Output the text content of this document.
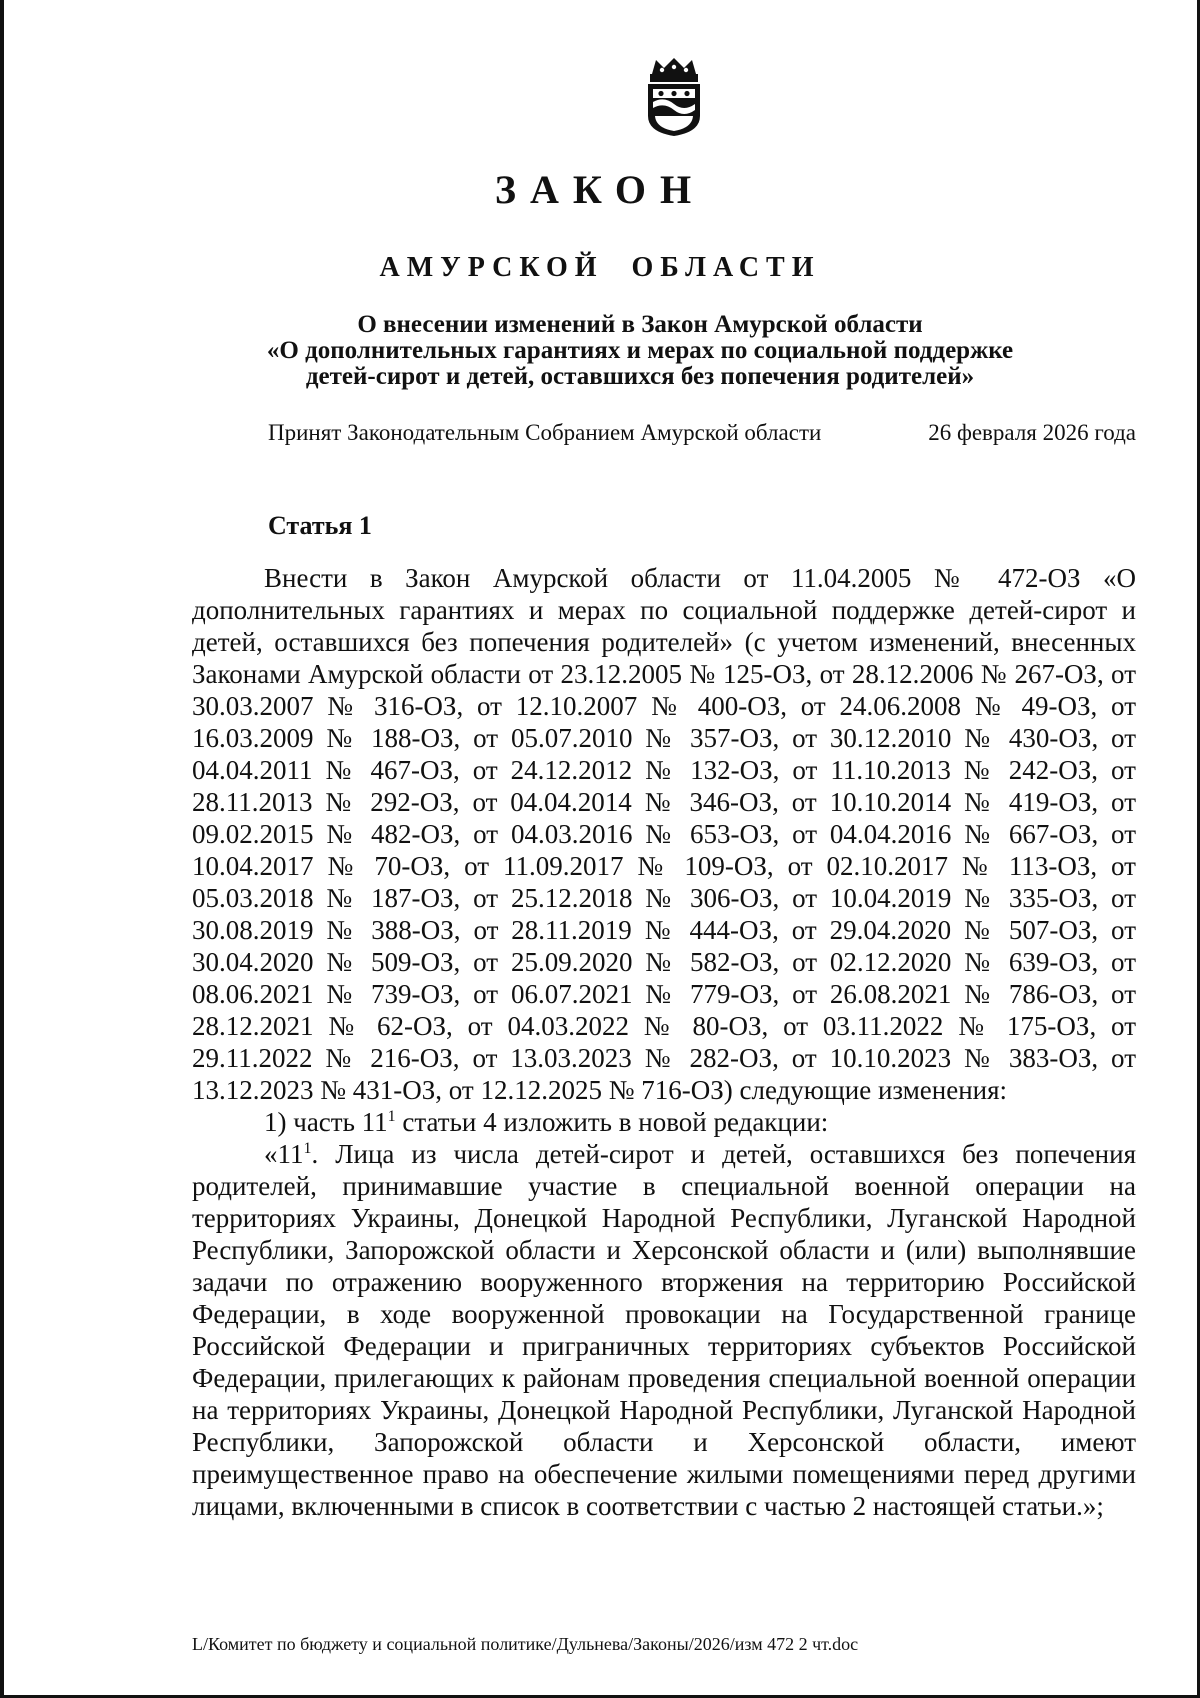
ЗАКОН
АМУРСКОЙ ОБЛАСТИ
О внесении изменений в Закон Амурской области
«О дополнительных гарантиях и мерах по социальной поддержке
детей-сирот и детей, оставшихся без попечения родителей»
Принят Законодательным Собранием Амурской области	26 февраля 2026 года
Статья 1

Внести в Закон Амурской области от 11.04.2005 № 472-ОЗ «О дополнительных гарантиях и мерах по социальной поддержке детей-сирот и детей, оставшихся без попечения родителей» (с учетом изменений, внесенных Законами Амурской области от 23.12.2005 № 125-ОЗ, от 28.12.2006 № 267-ОЗ, от 30.03.2007 № 316-ОЗ, от 12.10.2007 № 400-ОЗ, от 24.06.2008 № 49-ОЗ, от 16.03.2009 № 188-ОЗ, от 05.07.2010 № 357-ОЗ, от 30.12.2010 № 430-ОЗ, от 04.04.2011 № 467-ОЗ, от 24.12.2012 № 132-ОЗ, от 11.10.2013 № 242-ОЗ, от 28.11.2013 № 292-ОЗ, от 04.04.2014 № 346-ОЗ, от 10.10.2014 № 419-ОЗ, от 09.02.2015 № 482-ОЗ, от 04.03.2016 № 653-ОЗ, от 04.04.2016 № 667-ОЗ, от 10.04.2017 № 70-ОЗ, от 11.09.2017 № 109-ОЗ, от 02.10.2017 № 113-ОЗ, от 05.03.2018 № 187-ОЗ, от 25.12.2018 № 306-ОЗ, от 10.04.2019 № 335-ОЗ, от 30.08.2019 № 388-ОЗ, от 28.11.2019 № 444-ОЗ, от 29.04.2020 № 507-ОЗ, от 30.04.2020 № 509-ОЗ, от 25.09.2020 № 582-ОЗ, от 02.12.2020 № 639-ОЗ, от 08.06.2021 № 739-ОЗ, от 06.07.2021 № 779-ОЗ, от 26.08.2021 № 786-ОЗ, от 28.12.2021 № 62-ОЗ, от 04.03.2022 № 80-ОЗ, от 03.11.2022 № 175-ОЗ, от 29.11.2022 № 216-ОЗ, от 13.03.2023 № 282-ОЗ, от 10.10.2023 № 383-ОЗ, от 13.12.2023 № 431-ОЗ, от 12.12.2025 № 716-ОЗ) следующие изменения:

1) часть $11^1$ статьи 4 изложить в новой редакции:

«$11^1$. Лица из числа детей-сирот и детей, оставшихся без попечения родителей, принимавшие участие в специальной военной операции на территориях Украины, Донецкой Народной Республики, Луганской Народной Республики, Запорожской области и Херсонской области и (или) выполнявшие задачи по отражению вооруженного вторжения на территорию Российской Федерации, в ходе вооруженной провокации на Государственной границе Российской Федерации и приграничных территориях субъектов Российской Федерации, прилегающих к районам проведения специальной военной операции на территориях Украины, Донецкой Народной Республики, Луганской Народной Республики, Запорожской области и Херсонской области, имеют преимущественное право на обеспечение жилыми помещениями перед другими лицами, включенными в список в соответствии с частью 2 настоящей статьи.»;

L/Комитет по бюджету и социальной политике/Дульнева/Законы/2026/изм 472 2 чт.doc
